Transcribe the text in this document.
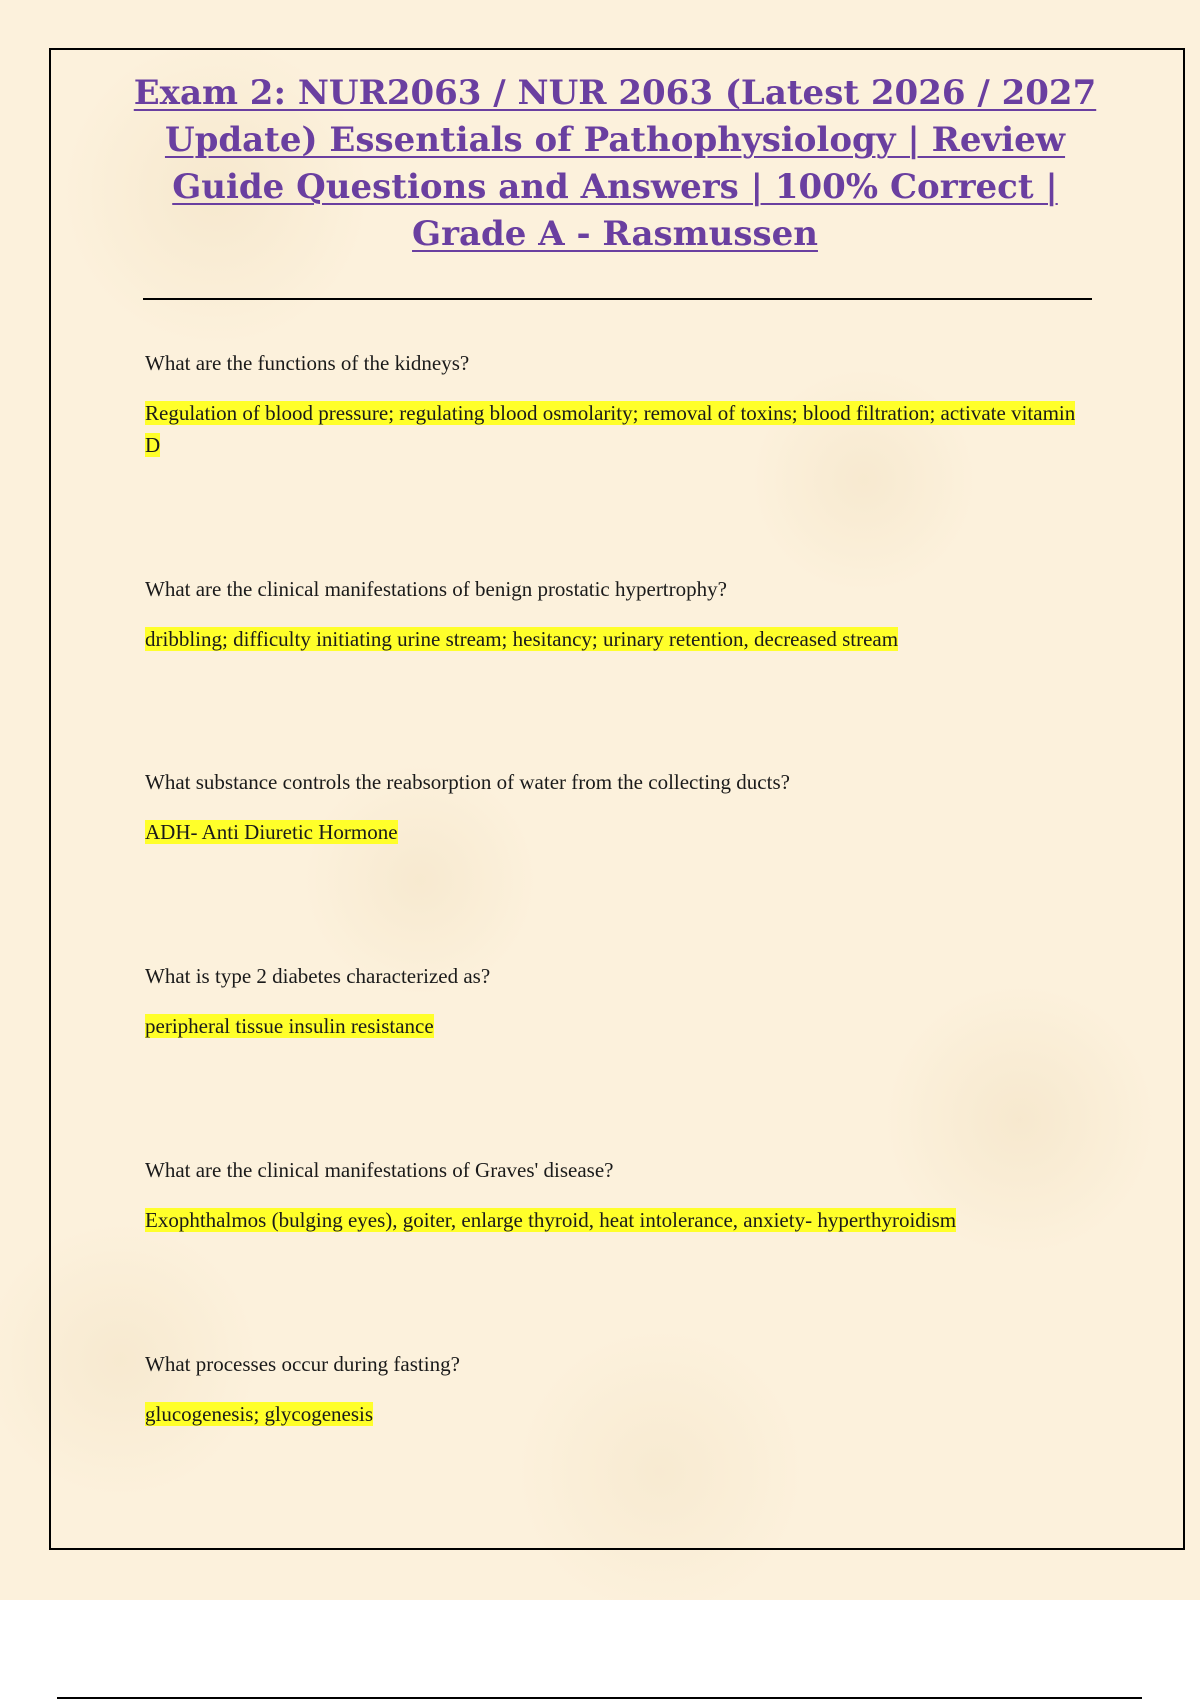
Exam 2: NUR2063 / NUR 2063 (Latest 2026 / 2027 Update) Essentials of Pathophysiology | Review Guide Questions and Answers | 100% Correct | Grade A - Rasmussen

What are the functions of the kidneys?

Regulation of blood pressure; regulating blood osmolarity; removal of toxins; blood filtration; activate vitamin D

What are the clinical manifestations of benign prostatic hypertrophy?

dribbling; difficulty initiating urine stream; hesitancy; urinary retention, decreased stream

What substance controls the reabsorption of water from the collecting ducts?

ADH- Anti Diuretic Hormone

What is type 2 diabetes characterized as?

peripheral tissue insulin resistance

What are the clinical manifestations of Graves' disease?

Exophthalmos (bulging eyes), goiter, enlarge thyroid, heat intolerance, anxiety- hyperthyroidism

What processes occur during fasting?

glucogenesis; glycogenesis
